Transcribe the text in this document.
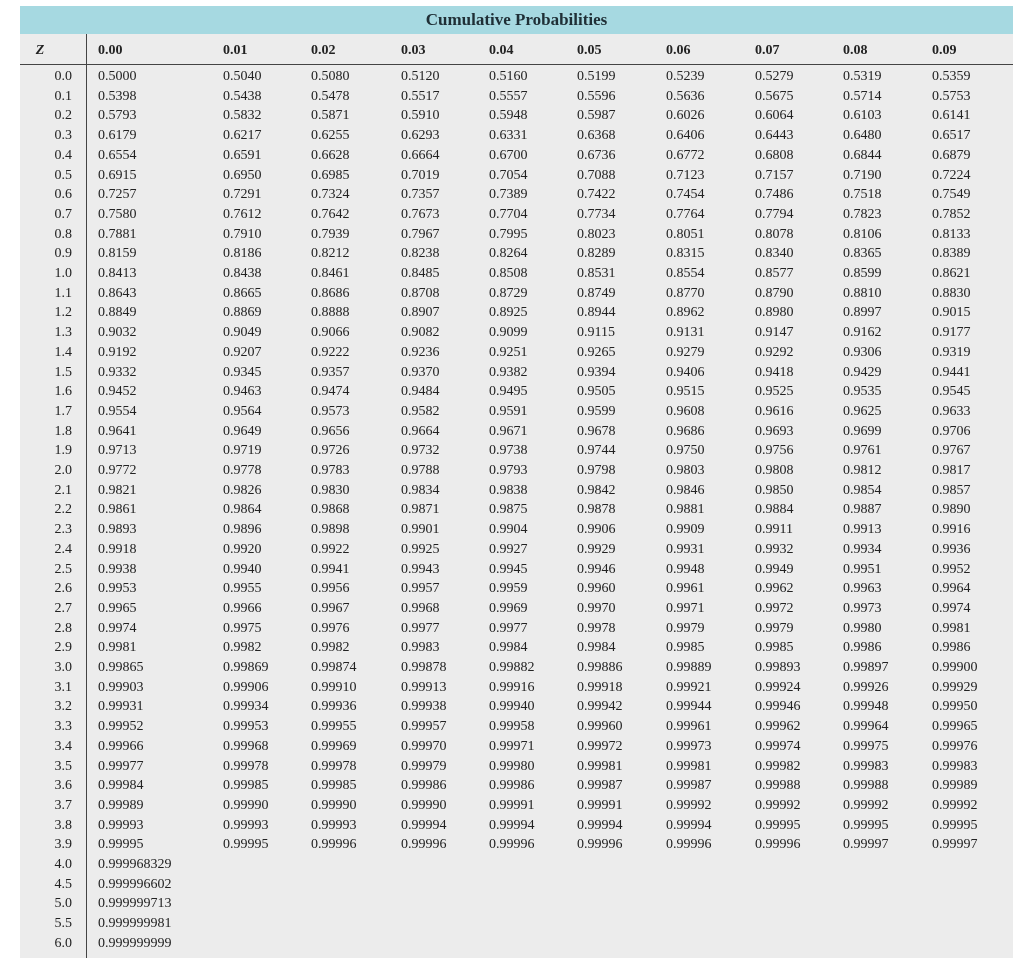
Cumulative Probabilities
Z	0.00	0.01	0.02	0.03	0.04	0.05	0.06	0.07	0.08	0.09
0.0 0.5000	0.5040	0.5080	0.5120	0.5160	0.5199	0.5239	0.5279	0.5319	0.5359
0.1 0.5398	0.5438	0.5478	0.5517	0.5557	0.5596	0.5636	0.5675	0.5714	0.5753
0.2 0.5793	0.5832	0.5871	0.5910	0.5948	0.5987	0.6026	0.6064	0.6103	0.6141
0.3 0.6179	0.6217	0.6255	0.6293	0.6331	0.6368	0.6406	0.6443	0.6480	0.6517
0.4 0.6554	0.6591	0.6628	0.6664	0.6700	0.6736	0.6772	0.6808	0.6844	0.6879
0.5 0.6915	0.6950	0.6985	0.7019	0.7054	0.7088	0.7123	0.7157	0.7190	0.7224
0.6 0.7257	0.7291	0.7324	0.7357	0.7389	0.7422	0.7454	0.7486	0.7518	0.7549
0.7 0.7580	0.7612	0.7642	0.7673	0.7704	0.7734	0.7764	0.7794	0.7823	0.7852
0.8 0.7881	0.7910	0.7939	0.7967	0.7995	0.8023	0.8051	0.8078	0.8106	0.8133
0.9 0.8159	0.8186	0.8212	0.8238	0.8264	0.8289	0.8315	0.8340	0.8365	0.8389
1.0 0.8413	0.8438	0.8461	0.8485	0.8508	0.8531	0.8554	0.8577	0.8599	0.8621
1.1 0.8643	0.8665	0.8686	0.8708	0.8729	0.8749	0.8770	0.8790	0.8810	0.8830
1.2 0.8849	0.8869	0.8888	0.8907	0.8925	0.8944	0.8962	0.8980	0.8997	0.9015
1.3 0.9032	0.9049	0.9066	0.9082	0.9099	0.9115	0.9131	0.9147	0.9162	0.9177
1.4 0.9192	0.9207	0.9222	0.9236	0.9251	0.9265	0.9279	0.9292	0.9306	0.9319
1.5 0.9332	0.9345	0.9357	0.9370	0.9382	0.9394	0.9406	0.9418	0.9429	0.9441
1.6 0.9452	0.9463	0.9474	0.9484	0.9495	0.9505	0.9515	0.9525	0.9535	0.9545
1.7 0.9554	0.9564	0.9573	0.9582	0.9591	0.9599	0.9608	0.9616	0.9625	0.9633
1.8 0.9641	0.9649	0.9656	0.9664	0.9671	0.9678	0.9686	0.9693	0.9699	0.9706
1.9 0.9713	0.9719	0.9726	0.9732	0.9738	0.9744	0.9750	0.9756	0.9761	0.9767
2.0 0.9772	0.9778	0.9783	0.9788	0.9793	0.9798	0.9803	0.9808	0.9812	0.9817
2.1 0.9821	0.9826	0.9830	0.9834	0.9838	0.9842	0.9846	0.9850	0.9854	0.9857
2.2 0.9861	0.9864	0.9868	0.9871	0.9875	0.9878	0.9881	0.9884	0.9887	0.9890
2.3 0.9893	0.9896	0.9898	0.9901	0.9904	0.9906	0.9909	0.9911	0.9913	0.9916
2.4 0.9918	0.9920	0.9922	0.9925	0.9927	0.9929	0.9931	0.9932	0.9934	0.9936
2.5 0.9938	0.9940	0.9941	0.9943	0.9945	0.9946	0.9948	0.9949	0.9951	0.9952
2.6 0.9953	0.9955	0.9956	0.9957	0.9959	0.9960	0.9961	0.9962	0.9963	0.9964
2.7 0.9965	0.9966	0.9967	0.9968	0.9969	0.9970	0.9971	0.9972	0.9973	0.9974
2.8 0.9974	0.9975	0.9976	0.9977	0.9977	0.9978	0.9979	0.9979	0.9980	0.9981
2.9 0.9981	0.9982	0.9982	0.9983	0.9984	0.9984	0.9985	0.9985	0.9986	0.9986
3.0 0.99865	0.99869	0.99874	0.99878	0.99882	0.99886	0.99889	0.99893	0.99897	0.99900
3.1 0.99903	0.99906	0.99910	0.99913	0.99916	0.99918	0.99921	0.99924	0.99926	0.99929
3.2 0.99931	0.99934	0.99936	0.99938	0.99940	0.99942	0.99944	0.99946	0.99948	0.99950
3.3 0.99952	0.99953	0.99955	0.99957	0.99958	0.99960	0.99961	0.99962	0.99964	0.99965
3.4 0.99966	0.99968	0.99969	0.99970	0.99971	0.99972	0.99973	0.99974	0.99975	0.99976
3.5 0.99977	0.99978	0.99978	0.99979	0.99980	0.99981	0.99981	0.99982	0.99983	0.99983
3.6 0.99984	0.99985	0.99985	0.99986	0.99986	0.99987	0.99987	0.99988	0.99988	0.99989
3.7 0.99989	0.99990	0.99990	0.99990	0.99991	0.99991	0.99992	0.99992	0.99992	0.99992
3.8 0.99993	0.99993	0.99993	0.99994	0.99994	0.99994	0.99994	0.99995	0.99995	0.99995
3.9 0.99995	0.99995	0.99996	0.99996	0.99996	0.99996	0.99996	0.99996	0.99997	0.99997
4.0 0.999968329
4.5 0.999996602
5.0 0.999999713
5.5 0.999999981
6.0 0.999999999
